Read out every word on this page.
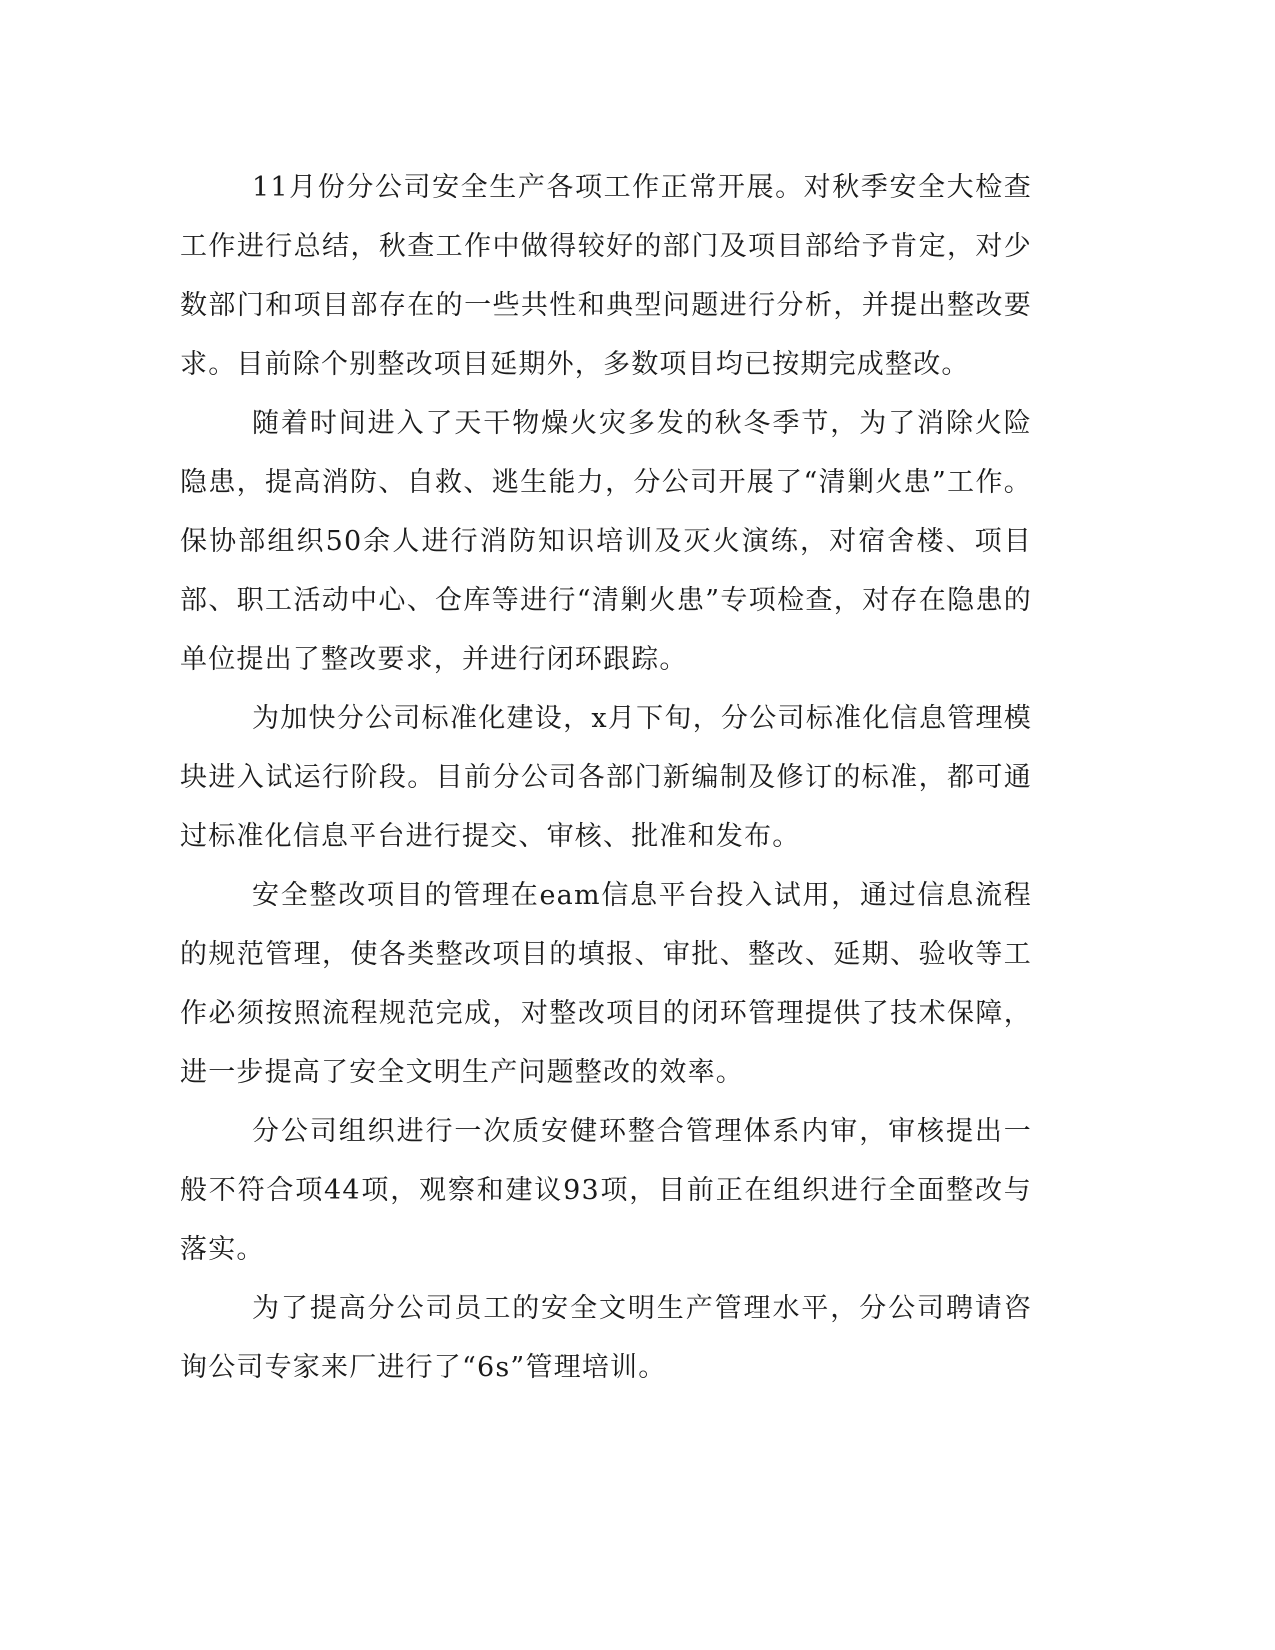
11月份分公司安全生产各项工作正常开展。对秋季安全大检查工作进行总结，秋查工作中做得较好的部门及项目部给予肯定，对少数部门和项目部存在的一些共性和典型问题进行分析，并提出整改要求。目前除个别整改项目延期外，多数项目均已按期完成整改。

随着时间进入了天干物燥火灾多发的秋冬季节，为了消除火险隐患，提高消防、自救、逃生能力，分公司开展了“清剿火患”工作。保协部组织50余人进行消防知识培训及灭火演练，对宿舍楼、项目部、职工活动中心、仓库等进行“清剿火患”专项检查，对存在隐患的单位提出了整改要求，并进行闭环跟踪。

为加快分公司标准化建设，x月下旬，分公司标准化信息管理模块进入试运行阶段。目前分公司各部门新编制及修订的标准，都可通过标准化信息平台进行提交、审核、批准和发布。

安全整改项目的管理在eam信息平台投入试用，通过信息流程的规范管理，使各类整改项目的填报、审批、整改、延期、验收等工作必须按照流程规范完成，对整改项目的闭环管理提供了技术保障，进一步提高了安全文明生产问题整改的效率。

分公司组织进行一次质安健环整合管理体系内审，审核提出一般不符合项44项，观察和建议93项，目前正在组织进行全面整改与落实。

为了提高分公司员工的安全文明生产管理水平，分公司聘请咨询公司专家来厂进行了“6s”管理培训。
